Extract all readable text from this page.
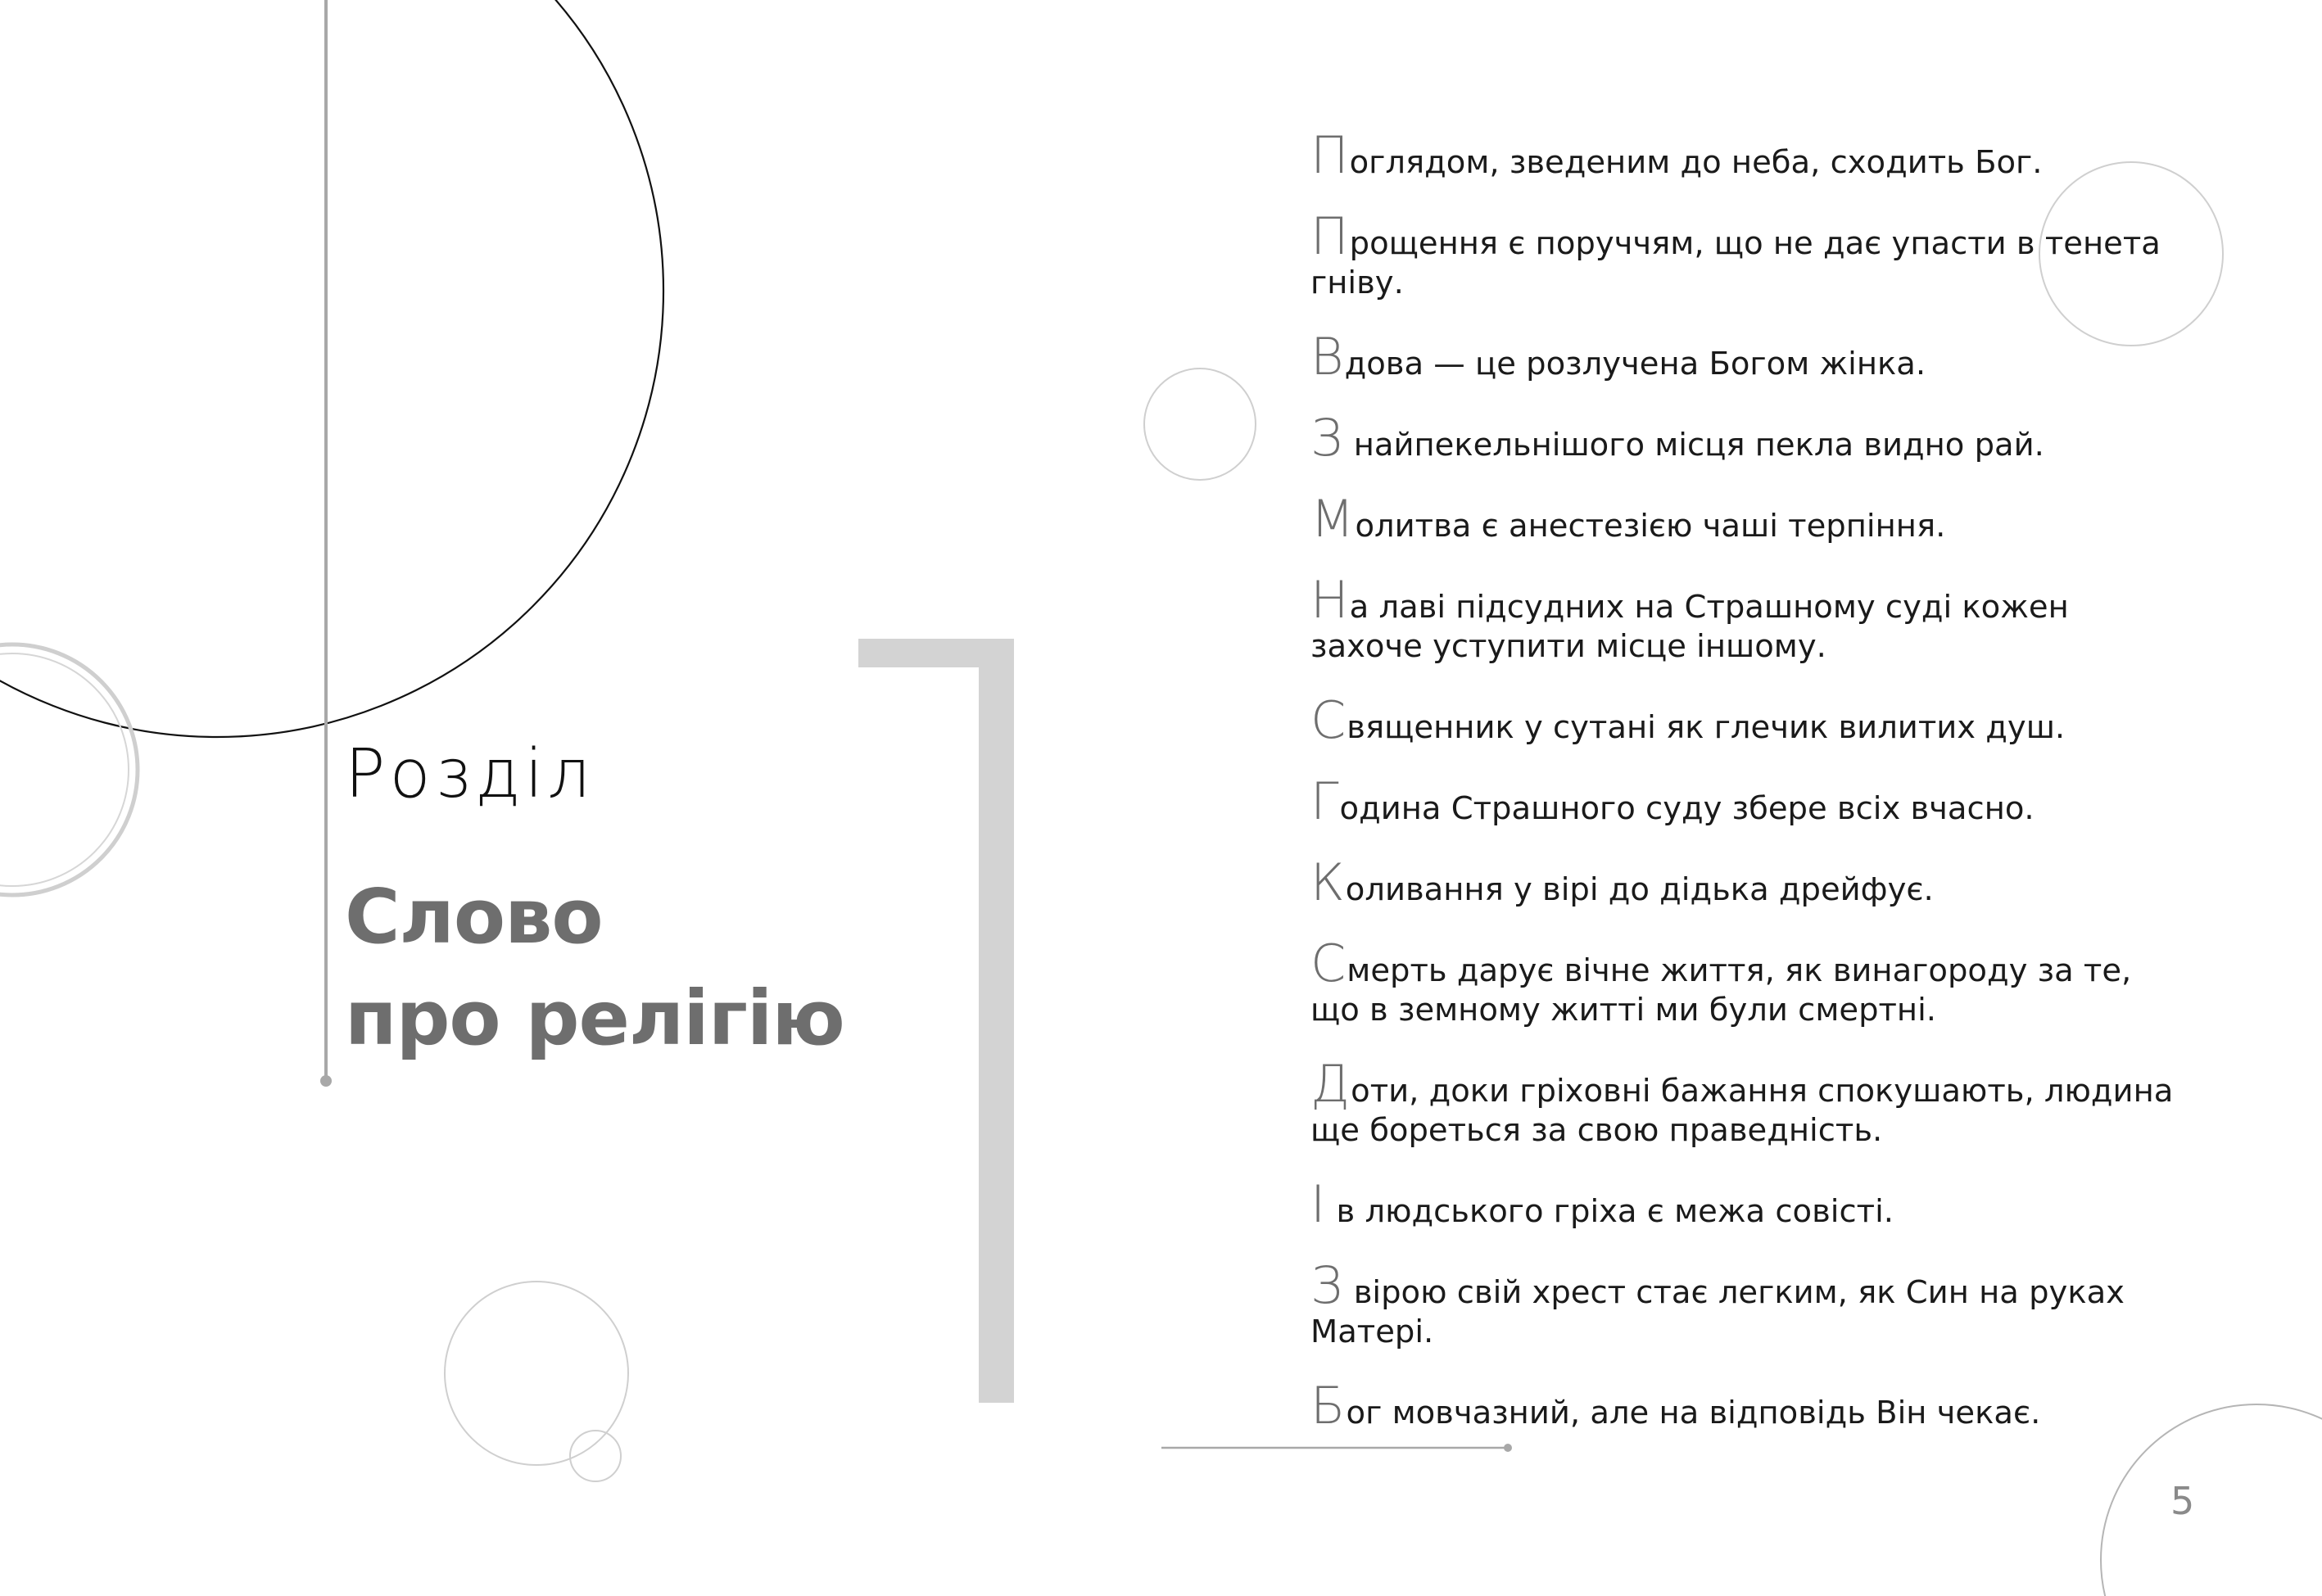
Розділ

Слово
про релігію
Поглядом, зведеним до неба, сходить Бог.
Прощення є поруччям, що не дає упасти в тенета гніву.
Вдова — це розлучена Богом жінка.
З найпекельнішого місця пекла видно рай.
Молитва є анестезією чаші терпіння.
На лаві підсудних на Страшному суді кожен захоче уступити місце іншому.
Священник у сутані як глечик вилитих душ.
Година Страшного суду збере всіх вчасно.
Коливання у вірі до дідька дрейфує.
Смерть дарує вічне життя, як винагороду за те, що в земному житті ми були смертні.
Доти, доки гріховні бажання спокушають, людина ще бореться за свою праведність.
І в людського гріха є межа совісті.
З вірою свій хрест стає легким, як Син на руках Матері.
Бог мовчазний, але на відповідь Він чекає.

5
